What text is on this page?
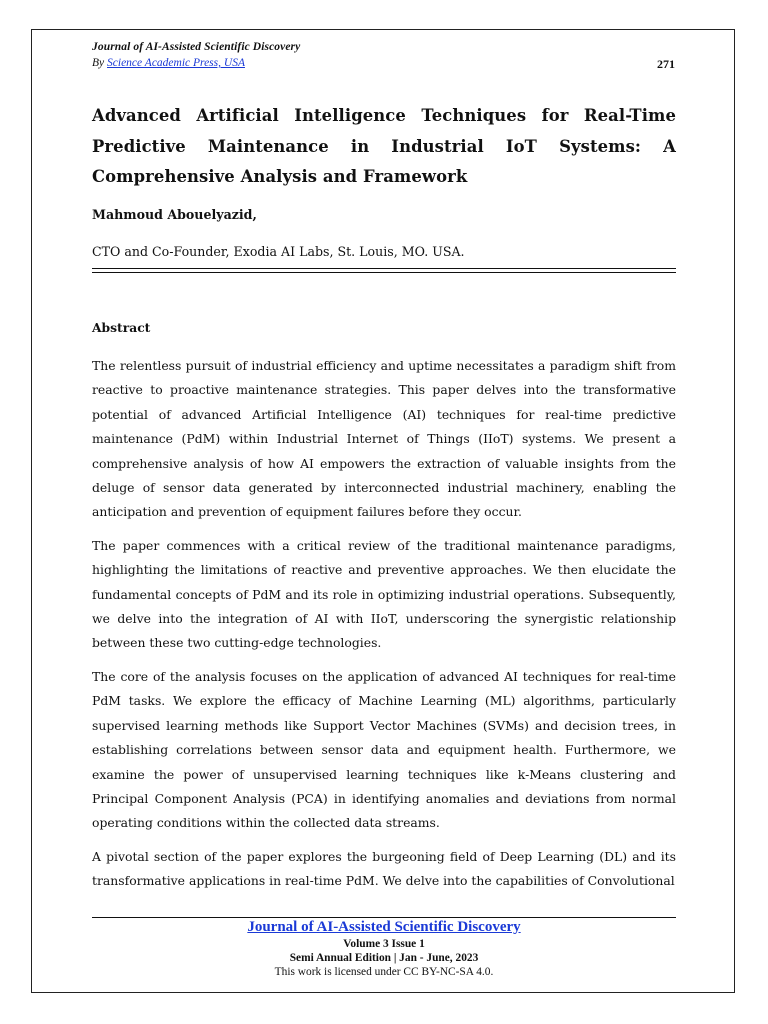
Journal of AI-Assisted Scientific Discovery
By Science Academic Press, USA	271
Advanced Artificial Intelligence Techniques for Real-Time Predictive Maintenance in Industrial IoT Systems: A Comprehensive Analysis and Framework
Mahmoud Abouelyazid,
CTO and Co-Founder, Exodia AI Labs, St. Louis, MO. USA.
Abstract

The relentless pursuit of industrial efficiency and uptime necessitates a paradigm shift from reactive to proactive maintenance strategies. This paper delves into the transformative potential of advanced Artificial Intelligence (AI) techniques for real-time predictive maintenance (PdM) within Industrial Internet of Things (IIoT) systems. We present a comprehensive analysis of how AI empowers the extraction of valuable insights from the deluge of sensor data generated by interconnected industrial machinery, enabling the anticipation and prevention of equipment failures before they occur.

The paper commences with a critical review of the traditional maintenance paradigms, highlighting the limitations of reactive and preventive approaches. We then elucidate the fundamental concepts of PdM and its role in optimizing industrial operations. Subsequently, we delve into the integration of AI with IIoT, underscoring the synergistic relationship between these two cutting-edge technologies.

The core of the analysis focuses on the application of advanced AI techniques for real-time PdM tasks. We explore the efficacy of Machine Learning (ML) algorithms, particularly supervised learning methods like Support Vector Machines (SVMs) and decision trees, in establishing correlations between sensor data and equipment health. Furthermore, we examine the power of unsupervised learning techniques like k-Means clustering and Principal Component Analysis (PCA) in identifying anomalies and deviations from normal operating conditions within the collected data streams.

A pivotal section of the paper explores the burgeoning field of Deep Learning (DL) and its transformative applications in real-time PdM. We delve into the capabilities of Convolutional

Journal of AI-Assisted Scientific Discovery
Volume 3 Issue 1
Semi Annual Edition | Jan - June, 2023
This work is licensed under CC BY-NC-SA 4.0.
